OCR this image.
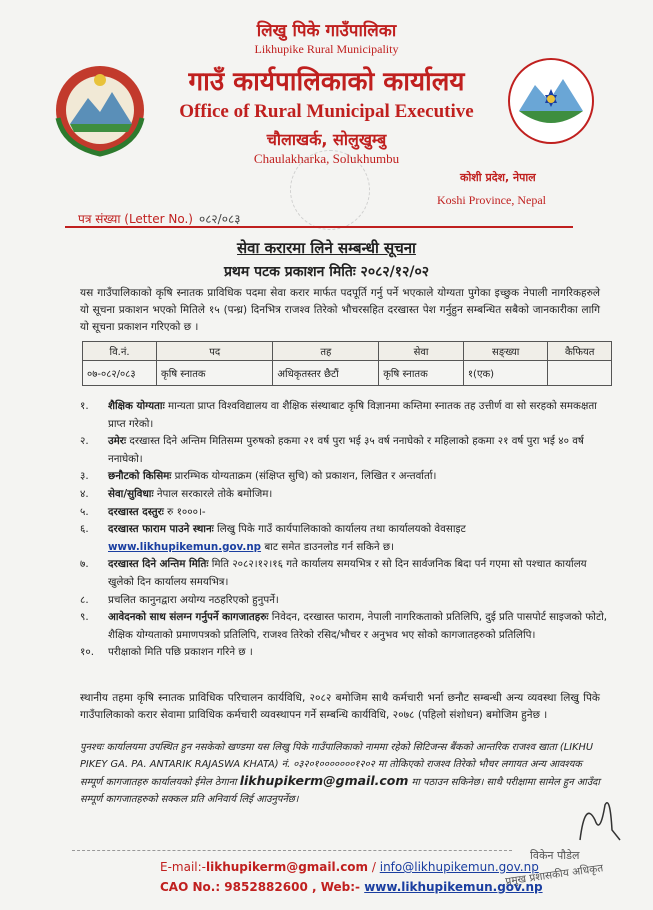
लिखु पिके गाउँपालिका
Likhupike Rural Municipality
गाउँ कार्यपालिकाको कार्यालय
Office of Rural Municipal Executive
चौलाखर्क, सोलुखुम्बु
Chaulakharka, Solukhumbu
कोशी प्रदेश, नेपाल
Koshi Province, Nepal
पत्र संख्या (Letter No.) ०८२/०८३
सेवा करारमा लिने सम्बन्धी सूचना
प्रथम पटक प्रकाशन मितिः २०८२/१२/०२
यस गाउँपालिकाको कृषि स्नातक प्राविधिक पदमा सेवा करार मार्फत पदपूर्ति गर्नु पर्ने भएकाले योग्यता पुगेका इच्छुक नेपाली नागरिकहरुले यो सूचना प्रकाशन भएको मितिले १५ (पन्ध्र) दिनभित्र राजश्व तिरेको भौचरसहित दरखास्त पेश गर्नुहुन सम्बन्धित सबैको जानकारीका लागि यो सूचना प्रकाशन गरिएको छ ।
वि.नं.	पद	तह	सेवा	सङ्ख्या	कैफियत
०७-०८२/०८३	कृषि स्नातक	अधिकृतस्तर छैटौं	कृषि स्नातक	१(एक)	
१. शैक्षिक योग्यताः मान्यता प्राप्त विश्वविद्यालय वा शैक्षिक संस्थाबाट कृषि विज्ञानमा कम्तिमा स्नातक तह उत्तीर्ण वा सो सरहको समकक्षता प्राप्त गरेको।
२. उमेरः दरखास्त दिने अन्तिम मितिसम्म पुरुषको हकमा २१ वर्ष पुरा भई ३५ वर्ष ननाघेको र महिलाको हकमा २१ वर्ष पुरा भई ४० वर्ष ननाघेको।
३. छनौटको किसिमः प्रारम्भिक योग्यताक्रम (संक्षिप्त सुचि) को प्रकाशन, लिखित र अन्तर्वार्ता।
४. सेवा/सुविधाः नेपाल सरकारले तोके बमोजिम।
५. दरखास्त दस्तुरः रु १०००।-
६. दरखास्त फाराम पाउने स्थानः लिखु पिके गाउँ कार्यपालिकाको कार्यालय तथा कार्यालयको वेवसाइट www.likhupikemun.gov.np बाट समेत डाउनलोड गर्न सकिने छ।
७. दरखास्त दिने अन्तिम मितिः मिति २०८२।१२।१६ गते कार्यालय समयभित्र र सो दिन सार्वजनिक बिदा पर्न गएमा सो पश्चात कार्यालय खुलेको दिन कार्यालय समयभित्र।
८. प्रचलित कानुनद्वारा अयोग्य नठहरिएको हुनुपर्ने।
९. आवेदनको साथ संलग्न गर्नुपर्ने कागजातहरुः निवेदन, दरखास्त फाराम, नेपाली नागरिकताको प्रतिलिपि, दुई प्रति पासपोर्ट साइजको फोटो, शैक्षिक योग्यताको प्रमाणपत्रको प्रतिलिपि, राजश्व तिरेको रसिद/भौचर र अनुभव भए सोको कागजातहरुको प्रतिलिपि।
१०. परीक्षाको मिति पछि प्रकाशन गरिने छ ।
स्थानीय तहमा कृषि स्नातक प्राविधिक परिचालन कार्यविधि, २०८२ बमोजिम साथै कर्मचारी भर्ना छनौट सम्बन्धी अन्य व्यवस्था लिखु पिके गाउँपालिकाको करार सेवामा प्राविधिक कर्मचारी व्यवस्थापन गर्ने सम्बन्धि कार्यविधि, २०७८ (पहिलो संशोधन) बमोजिम हुनेछ ।
पुनश्चः कार्यालयमा उपस्थित हुन नसकेको खण्डमा यस लिखु पिके गाउँपालिकाको नाममा रहेको सिटिजन्स बैंकको आन्तरिक राजश्व खाता (LIKHU PIKEY GA. PA. ANTARIK RAJASWA KHATA) नं. ०३२०१०००००००१२०२ मा तोकिएको राजश्व तिरेको भौचर लगायत अन्य आवश्यक सम्पूर्ण कागजातहरु कार्यालयको ईमेल ठेगाना likhupikerm@gmail.com मा पठाउन सकिनेछ। साथै परीक्षामा सामेल हुन आउँदा सम्पूर्ण कागजातहरुको सक्कल प्रति अनिवार्य लिई आउनुपर्नेछ।
विकेन पौडेल
प्रमुख प्रशासकीय अधिकृत
E-mail:-likhupikerm@gmail.com / info@likhupikemun.gov.np
CAO No.: 9852882600 , Web:- www.likhupikemun.gov.np
